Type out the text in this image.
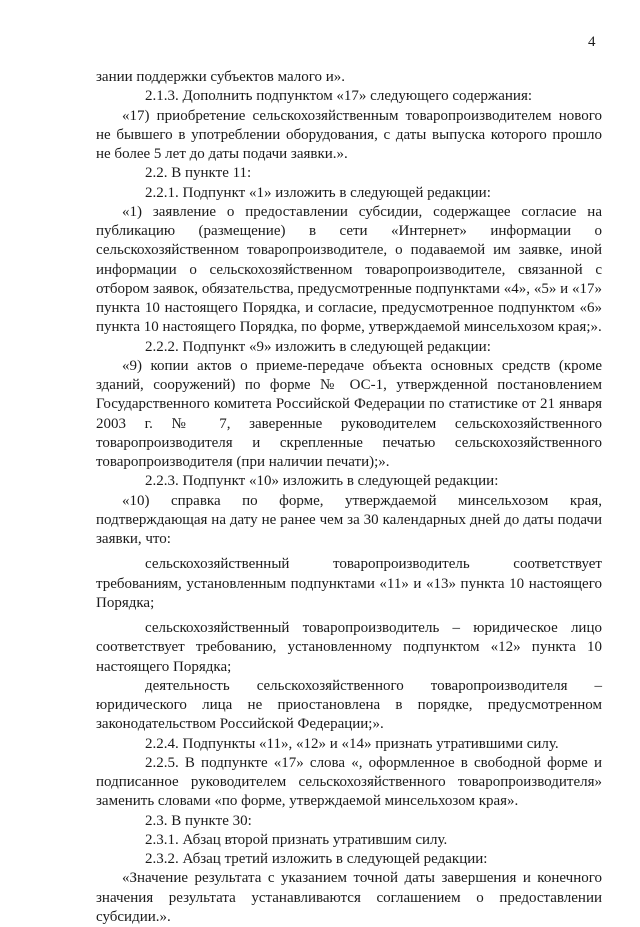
4

зании поддержки субъектов малого и».

2.1.3. Дополнить подпунктом «17» следующего содержания:

«17) приобретение сельскохозяйственным товаропроизводителем нового не бывшего в употреблении оборудования, с даты выпуска которого прошло не более 5 лет до даты подачи заявки.».

2.2. В пункте 11:

2.2.1. Подпункт «1» изложить в следующей редакции:

«1) заявление о предоставлении субсидии, содержащее согласие на публикацию (размещение) в сети «Интернет» информации о сельскохозяйственном товаропроизводителе, о подаваемой им заявке, иной информации о сельскохозяйственном товаропроизводителе, связанной с отбором заявок, обязательства, предусмотренные подпунктами «4», «5» и «17» пункта 10 настоящего Порядка, и согласие, предусмотренное подпунктом «6» пункта 10 настоящего Порядка, по форме, утверждаемой минсельхозом края;».

2.2.2. Подпункт «9» изложить в следующей редакции:

«9) копии актов о приеме-передаче объекта основных средств (кроме зданий, сооружений) по форме № ОС-1, утвержденной постановлением Государственного комитета Российской Федерации по статистике от 21 января 2003 г. № 7, заверенные руководителем сельскохозяйственного товаропроизводителя и скрепленные печатью сельскохозяйственного товаропроизводителя (при наличии печати);».

2.2.3. Подпункт «10» изложить в следующей редакции:

«10) справка по форме, утверждаемой минсельхозом края, подтверждающая на дату не ранее чем за 30 календарных дней до даты подачи заявки, что:

сельскохозяйственный товаропроизводитель соответствует требованиям, установленным подпунктами «11» и «13» пункта 10 настоящего Порядка;

сельскохозяйственный товаропроизводитель – юридическое лицо соответствует требованию, установленному подпунктом «12» пункта 10 настоящего Порядка;

деятельность сельскохозяйственного товаропроизводителя – юридического лица не приостановлена в порядке, предусмотренном законодательством Российской Федерации;».

2.2.4. Подпункты «11», «12» и «14» признать утратившими силу.

2.2.5. В подпункте «17» слова «, оформленное в свободной форме и подписанное руководителем сельскохозяйственного товаропроизводителя» заменить словами «по форме, утверждаемой минсельхозом края».

2.3. В пункте 30:

2.3.1. Абзац второй признать утратившим силу.

2.3.2. Абзац третий изложить в следующей редакции:

«Значение результата с указанием точной даты завершения и конечного значения результата устанавливаются соглашением о предоставлении субсидии.».
